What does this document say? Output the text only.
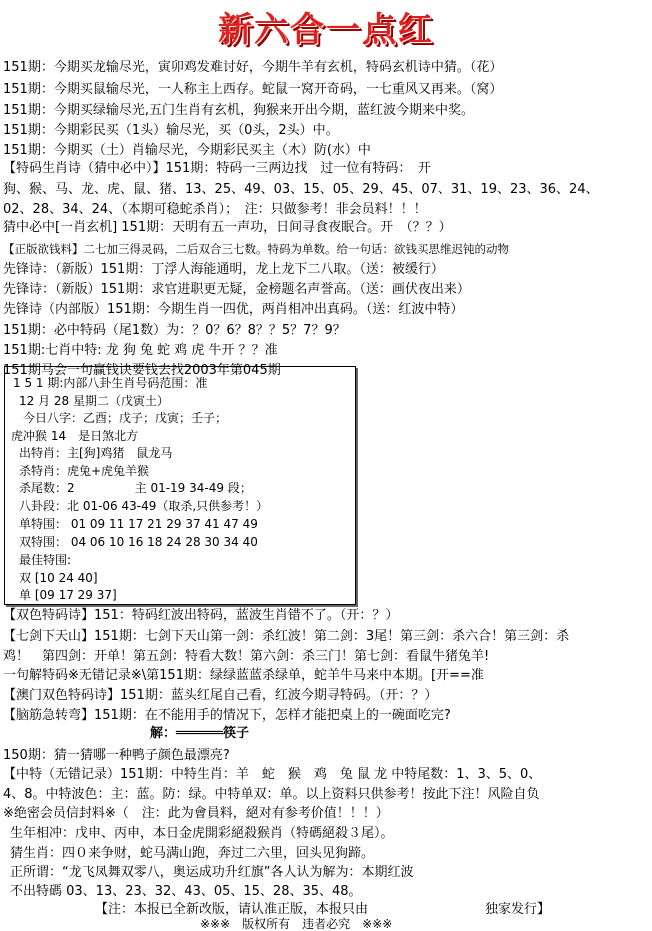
新六合一点红
151期：今期买龙输尽光，寅卯鸡发难讨好，今期牛羊有玄机，特码玄机诗中猜。（花）
151期：今期买鼠输尽光，一人称主上西存。蛇鼠一窝开奇码，一七重风又再来。（窝）
151期：今期买绿输尽光,五门生肖有玄机，狗猴来开出今期，蓝红波今期来中奖。
151期：今期彩民买（1头）输尽光，买（0头，2头）中。
151期：今期买（土）肖输尽光，今期彩民买主（木）防(水）中
【特码生肖诗（猜中必中）】151期：特码一三两边找　过一位有特码：　开
狗、猴、马、龙、虎、鼠、猪、13、25、49、03、15、05、29、45、07、31、19、23、36、24、
02、28、34、24、（本期可稳蛇杀肖）；　注：只做参考！非会员料！！！
猜中必中[一肖玄机] 151期：天明有五一声功，日间寻食夜眠合。开　（？？）
【正版欲钱料】二七加三得灵码，二后双合三七数。特码为单数。给一句话：欲钱买思维迟钝的动物
先锋诗：（新版）151期：丁浮人海能通明，龙上龙下二八取。（送：被缓行）
先锋诗：（新版）151期：求官进职更无疑，金榜题名声誉高。（送：画伏夜出来）
先锋诗（内部版）151期：今期生肖一四优，两肖相冲出真码。（送：红波中特）
151期：必中特码（尾1数）为：？0？6？8？？5？7？9？
151期:七肖中特: 龙 狗 兔 蛇 鸡 虎 牛开 ？？准
151期马会一句赢钱诀要钱去找2003年第045期
1 5 1 期:内部八卦生肖号码范围：准
12 月 28 星期二（戊寅土）
今日八字：乙酉；戊子；戊寅；壬子；
虎冲猴 14　是日煞北方
出特肖：主[狗]鸡猪　鼠龙马
杀特肖：虎兔+虎兔羊猴
杀尾数：2　　　　　主 01-19 34-49 段；
八卦段：北 01-06 43-49（取杀,只供参考！）
单特围： 01 09 11 17 21 29 37 41 47 49
双特围： 04 06 10 16 18 24 28 30 34 40
最佳特围:
双 [10 24 40]
单 [09 17 29 37]
【双色特码诗】151：特码红波出特码，蓝波生肖错不了。（开：？）
【七剑下天山】151期：七剑下天山第一剑：杀红波！第二剑：3尾！第三剑：杀六合！第三剑：杀
鸡！　第四剑：开单！第五剑：特看大数！第六剑：杀三门！第七剑：看鼠牛猪兔羊!
一句解特码※无错记录※\第151期：绿绿蓝蓝杀绿单，蛇羊牛马来中本期。[开==准
【澳门双色特码诗】151期：蓝头红尾自己看，红波今期寻特码。（开：？）
【脑筋急转弯】151期：在不能用手的情况下，怎样才能把桌上的一碗面吃完?
解：══════筷子
150期：猜一猜哪一种鸭子颜色最漂亮?
【中特（无错记录）151期：中特生肖：羊　蛇　猴　鸡　兔 鼠 龙 中特尾数：1、3、5、0、
4、8。中特波色：主：蓝。防：绿。中特单双：单。以上资料只供参考！按此下注！风险自负
※绝密会员信封料※（　注：此为會員料，絕对有参考价值！！！）
生年相冲：戊申、丙申，本日金虎開彩絕殺猴肖（特碼絕殺３尾）。
猜生肖：四０来争财，蛇马满山跑，奔过二六里，回头见狗蹄。
正所谓：“龙飞凤舞双零八，奥运成功升红旗”各人认为解为：本期红波
不出特碼 03、13、23、32、43、05、15、28、35、48。
【注：本报已全新改版，请认准正版，本报只由　　　　　　　　　独家发行】
※※※　版权所有　违者必究　※※※
